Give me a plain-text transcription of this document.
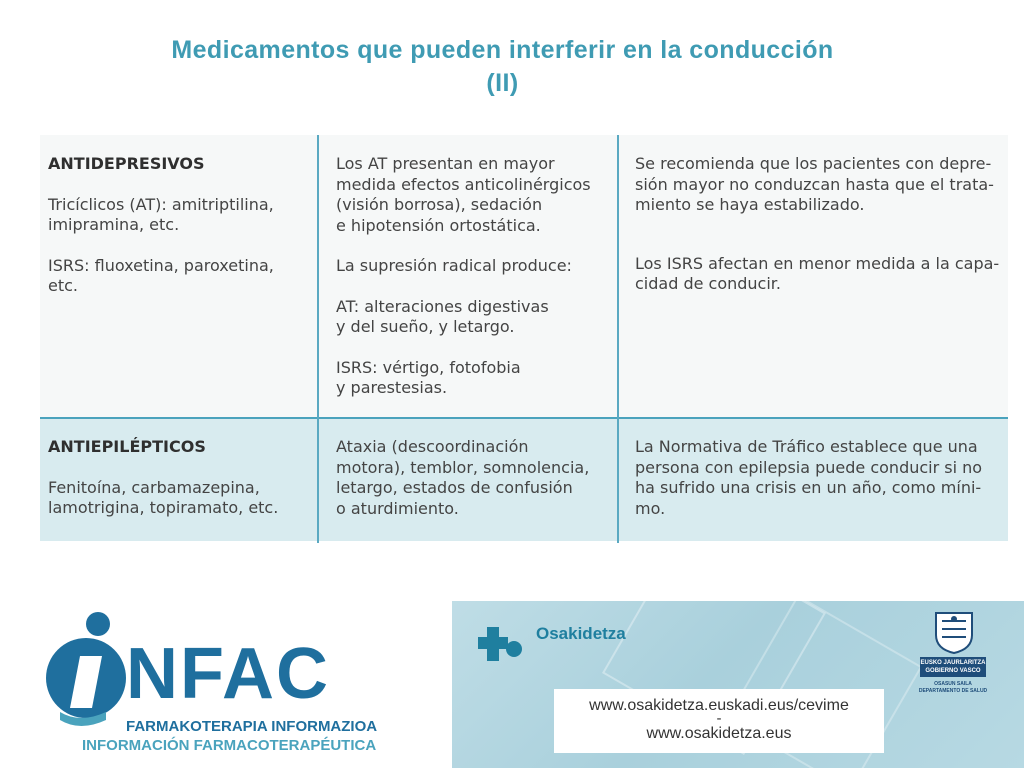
Medicamentos que pueden interferir en la conducción
(II)
ANTIDEPRESIVOS
Tricíclicos (AT): amitriptilina,
imipramina, etc.
ISRS: fluoxetina, paroxetina,
etc.
Los AT presentan en mayor
medida efectos anticolinérgicos
(visión borrosa), sedación
e hipotensión ortostática.
La supresión radical produce:
AT: alteraciones digestivas
y del sueño, y letargo.
ISRS: vértigo, fotofobia
y parestesias.
Se recomienda que los pacientes con depre-
sión mayor no conduzcan hasta que el trata-
miento se haya estabilizado.
Los ISRS afectan en menor medida a la capa-
cidad de conducir.
ANTIEPILÉPTICOS
Fenitoína, carbamazepina,
lamotrigina, topiramato, etc.
Ataxia (descoordinación
motora), temblor, somnolencia,
letargo, estados de confusión
o aturdimiento.
La Normativa de Tráfico establece que una
persona con epilepsia puede conducir si no
ha sufrido una crisis en un año, como míni-
mo.
NFAC
FARMAKOTERAPIA INFORMAZIOA
INFORMACIÓN FARMACOTERAPÉUTICA
Osakidetza
www.osakidetza.euskadi.eus/cevime
-
www.osakidetza.eus
EUSKO JAURLARITZA
GOBIERNO VASCO
OSASUN SAILA
DEPARTAMENTO DE SALUD
